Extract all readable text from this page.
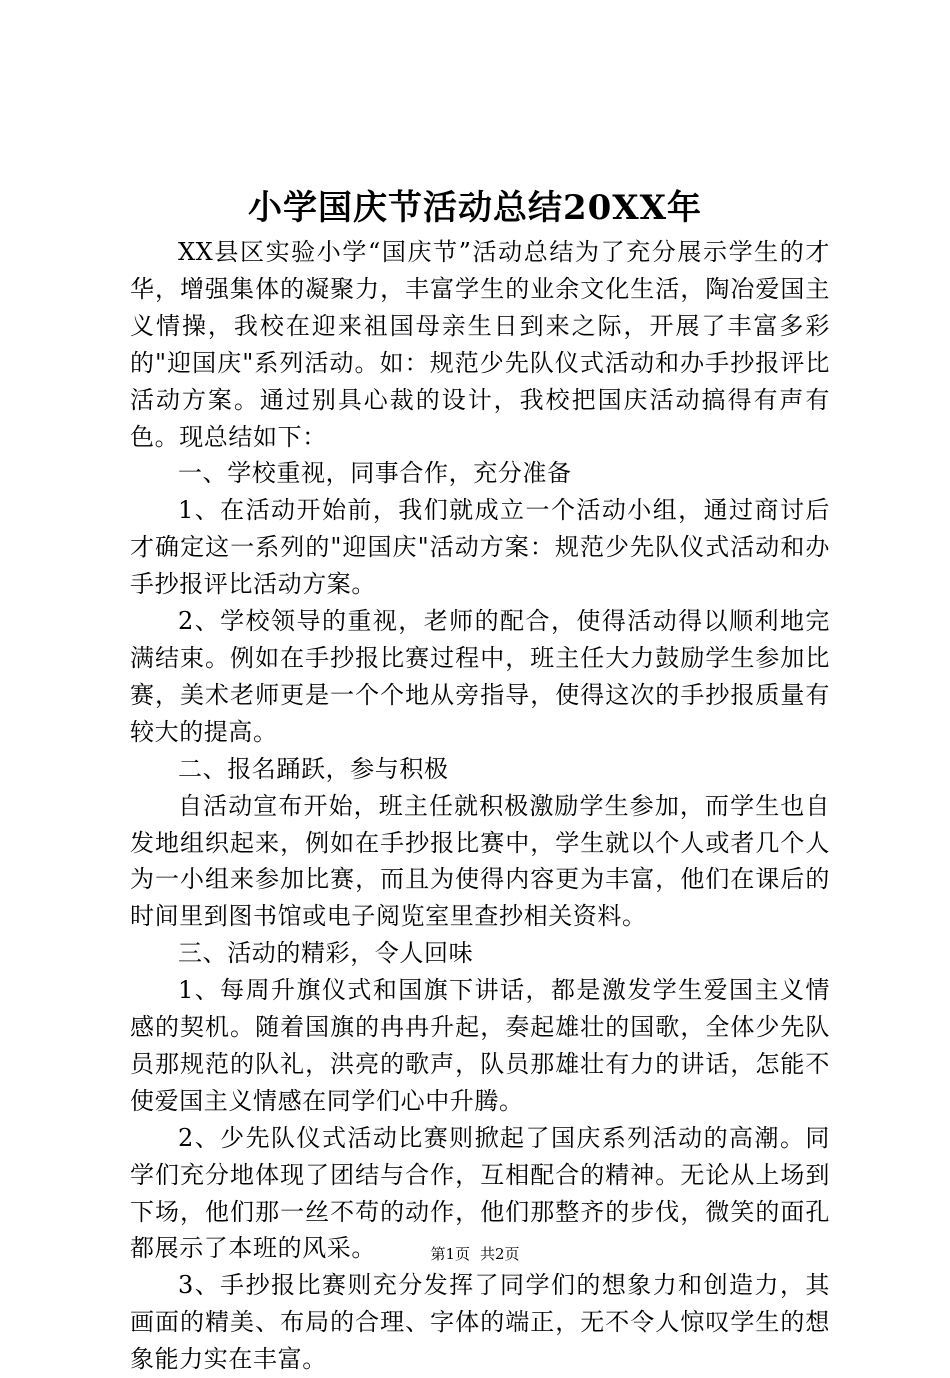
小学国庆节活动总结20XX年

XX县区实验小学“国庆节”活动总结为了充分展示学生的才华，增强集体的凝聚力，丰富学生的业余文化生活，陶冶爱国主义情操，我校在迎来祖国母亲生日到来之际，开展了丰富多彩的"迎国庆"系列活动。如：规范少先队仪式活动和办手抄报评比活动方案。通过别具心裁的设计，我校把国庆活动搞得有声有色。现总结如下：

一、学校重视，同事合作，充分准备

1、在活动开始前，我们就成立一个活动小组，通过商讨后才确定这一系列的"迎国庆"活动方案：规范少先队仪式活动和办手抄报评比活动方案。

2、学校领导的重视，老师的配合，使得活动得以顺利地完满结束。例如在手抄报比赛过程中，班主任大力鼓励学生参加比赛，美术老师更是一个个地从旁指导，使得这次的手抄报质量有较大的提高。

二、报名踊跃，参与积极

自活动宣布开始，班主任就积极激励学生参加，而学生也自发地组织起来，例如在手抄报比赛中，学生就以个人或者几个人为一小组来参加比赛，而且为使得内容更为丰富，他们在课后的时间里到图书馆或电子阅览室里查抄相关资料。

三、活动的精彩，令人回味

1、每周升旗仪式和国旗下讲话，都是激发学生爱国主义情感的契机。随着国旗的冉冉升起，奏起雄壮的国歌，全体少先队员那规范的队礼，洪亮的歌声，队员那雄壮有力的讲话，怎能不使爱国主义情感在同学们心中升腾。

2、少先队仪式活动比赛则掀起了国庆系列活动的高潮。同学们充分地体现了团结与合作，互相配合的精神。无论从上场到下场，他们那一丝不苟的动作，他们那整齐的步伐，微笑的面孔都展示了本班的风采。

3、手抄报比赛则充分发挥了同学们的想象力和创造力，其画面的精美、布局的合理、字体的端正，无不令人惊叹学生的想象能力实在丰富。

第1页 共2页
